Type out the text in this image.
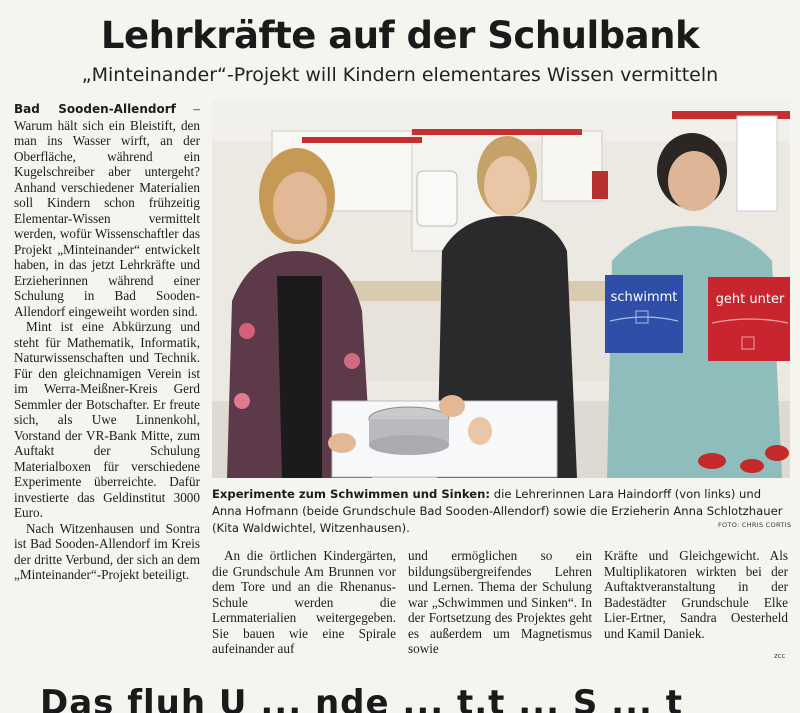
Lehrkräfte auf der Schulbank
„Minteinander“-Projekt will Kindern elementares Wissen vermitteln

Bad Sooden-Allendorf – Warum hält sich ein Bleistift, den man ins Wasser wirft, an der Oberfläche, während ein Kugelschreiber aber untergeht? Anhand verschiedener Materialien soll Kindern schon frühzeitig Elementar-Wissen vermittelt werden, wofür Wissenschaftler das Projekt „Minteinander“ entwickelt haben, in das jetzt Lehrkräfte und Erzieherinnen während einer Schulung in Bad Sooden-Allendorf eingeweiht worden sind.

Mint ist eine Abkürzung und steht für Mathematik, Informatik, Naturwissenschaften und Technik. Für den gleichnamigen Verein ist im Werra-Meißner-Kreis Gerd Semmler der Botschafter. Er freute sich, als Uwe Linnenkohl, Vorstand der VR-Bank Mitte, zum Auftakt der Schulung Materialboxen für verschiedene Experimente überreichte. Dafür investierte das Geldinstitut 3000 Euro.

Nach Witzenhausen und Sontra ist Bad Sooden-Allendorf im Kreis der dritte Verbund, der sich an dem „Minteinander“-Projekt beteiligt.

schwimmt	geht unter
Experimente zum Schwimmen und Sinken: die Lehrerinnen Lara Haindorff (von links) und Anna Hofmann (beide Grundschule Bad Sooden-Allendorf) sowie die Erzieherin Anna Schlotzhauer (Kita Waldwichtel, Witzenhausen).	FOTO: CHRIS CORTIS
An die örtlichen Kindergärten, die Grundschule Am Brunnen vor dem Tore und an die Rhenanus-Schule werden die Lernmaterialien weitergegeben. Sie bauen wie eine Spirale aufeinander auf
und ermöglichen so ein bildungsübergreifendes Lehren und Lernen. Thema der Schulung war „Schwimmen und Sinken“. In der Fortsetzung des Projektes geht es außerdem um Magnetismus sowie
Kräfte und Gleichgewicht. Als Multiplikatoren wirkten bei der Auftaktveranstaltung in der Badestädter Grundschule Elke Lier-Ertner, Sandra Oesterheld und Kamil Daniek.
zcc
Das fluh U ... nde ... t.t ... S ... t
